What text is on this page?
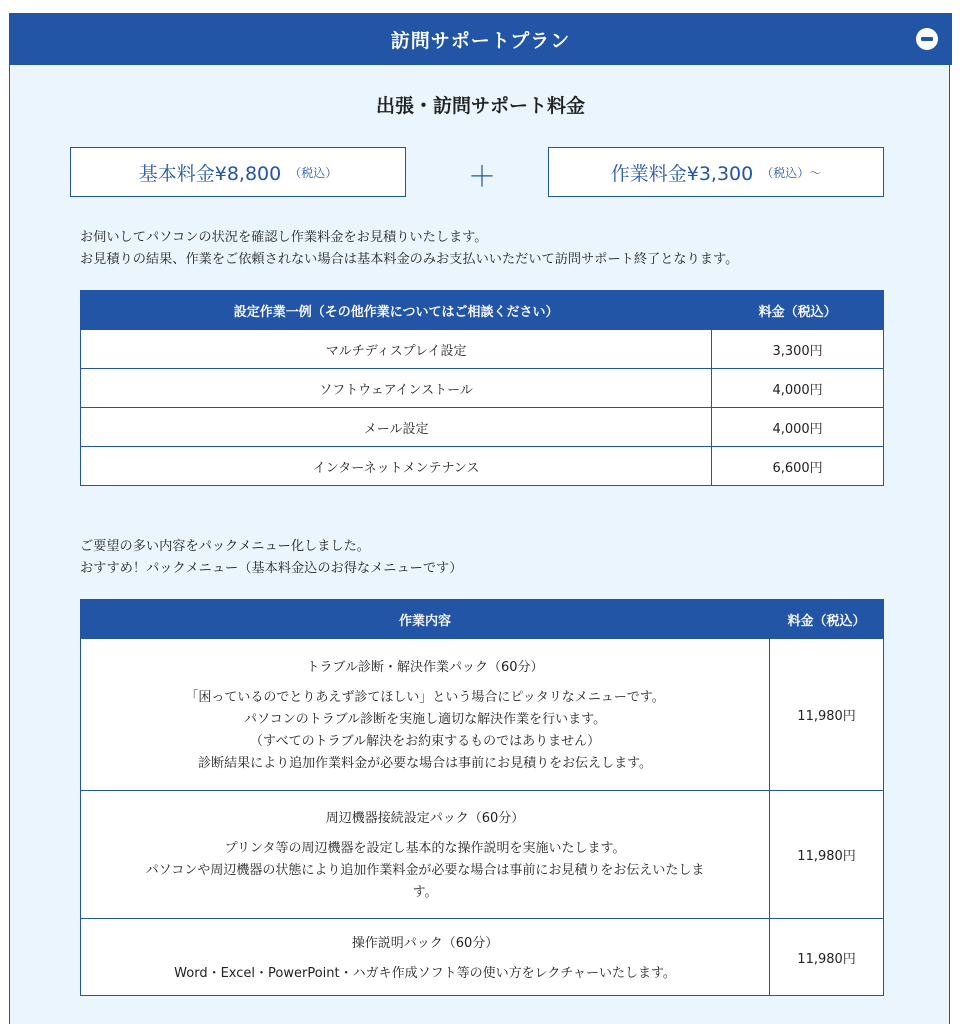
訪問サポートプラン
出張・訪問サポート料金
基本料金¥8,800 （税込）	＋	作業料金¥3,300 （税込）～
お伺いしてパソコンの状況を確認し作業料金をお見積りいたします。
お見積りの結果、作業をご依頼されない場合は基本料金のみお支払いいただいて訪問サポート終了となります。
設定作業一例（その他作業についてはご相談ください）	料金（税込）
マルチディスプレイ設定	3,300円
ソフトウェアインストール	4,000円
メール設定	4,000円
インターネットメンテナンス	6,600円
ご要望の多い内容をパックメニュー化しました。
おすすめ！パックメニュー（基本料金込のお得なメニューです）
作業内容	料金（税込）

トラブル診断・解決作業パック（60分）
「困っているのでとりあえず診てほしい」という場合にピッタリなメニューです。
パソコンのトラブル診断を実施し適切な解決作業を行います。
（すべてのトラブル解決をお約束するものではありません）
診断結果により追加作業料金が必要な場合は事前にお見積りをお伝えします。	11,980円

周辺機器接続設定パック（60分）
プリンタ等の周辺機器を設定し基本的な操作説明を実施いたします。
パソコンや周辺機器の状態により追加作業料金が必要な場合は事前にお見積りをお伝えいたしま
す。	11,980円

操作説明パック（60分）
Word・Excel・PowerPoint・ハガキ作成ソフト等の使い方をレクチャーいたします。	11,980円
